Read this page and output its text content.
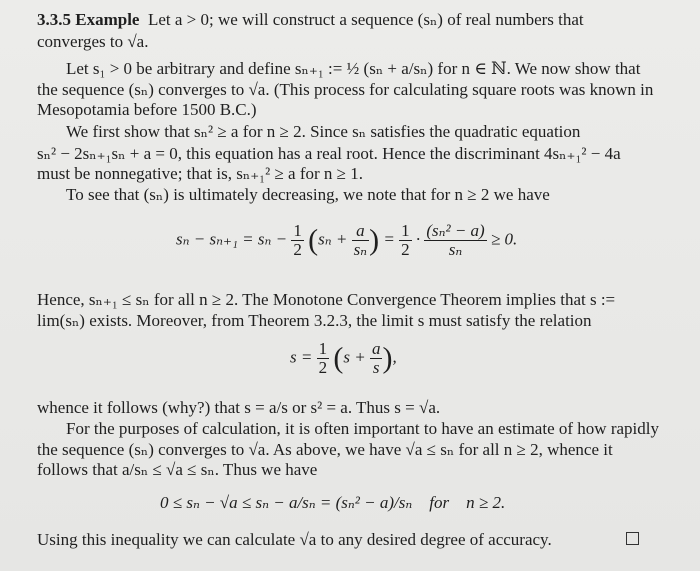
3.3.5 Example Let a > 0; we will construct a sequence (sₙ) of real numbers that
converges to √a.
Let s₁ > 0 be arbitrary and define sₙ₊₁ := ½ (sₙ + a/sₙ) for n ∈ ℕ. We now show that
the sequence (sₙ) converges to √a. (This process for calculating square roots was known in
Mesopotamia before 1500 B.C.)
We first show that sₙ² ≥ a for n ≥ 2. Since sₙ satisfies the quadratic equation
sₙ² − 2sₙ₊₁sₙ + a = 0, this equation has a real root. Hence the discriminant 4sₙ₊₁² − 4a
must be nonnegative; that is, sₙ₊₁² ≥ a for n ≥ 1.
To see that (sₙ) is ultimately decreasing, we note that for n ≥ 2 we have
$s_n - s_{n+1} = s_n - \frac{1}{2} (s_n + \frac{a}{\text{sₙ}}$ ) = $\frac{1}{2} \cdot \frac{\text{(sₙ² − a)}}{\text{sₙ}} \ge 0$.
Hence, sₙ₊₁ ≤ sₙ for all n ≥ 2. The Monotone Convergence Theorem implies that s :=
lim(sₙ) exists. Moreover, from Theorem 3.2.3, the limit s must satisfy the relation
$s = \frac{1}{2} (s + \frac{a}{s}$ ),
whence it follows (why?) that s = a/s or s² = a. Thus s = √a.
For the purposes of calculation, it is often important to have an estimate of how rapidly
the sequence (sₙ) converges to √a. As above, we have √a ≤ sₙ for all n ≥ 2, whence it
follows that a/sₙ ≤ √a ≤ sₙ. Thus we have
0 ≤ sₙ − √a ≤ sₙ − a/sₙ = (sₙ² − a)/sₙ    for    n ≥ 2.
Using this inequality we can calculate √a to any desired degree of accuracy.
